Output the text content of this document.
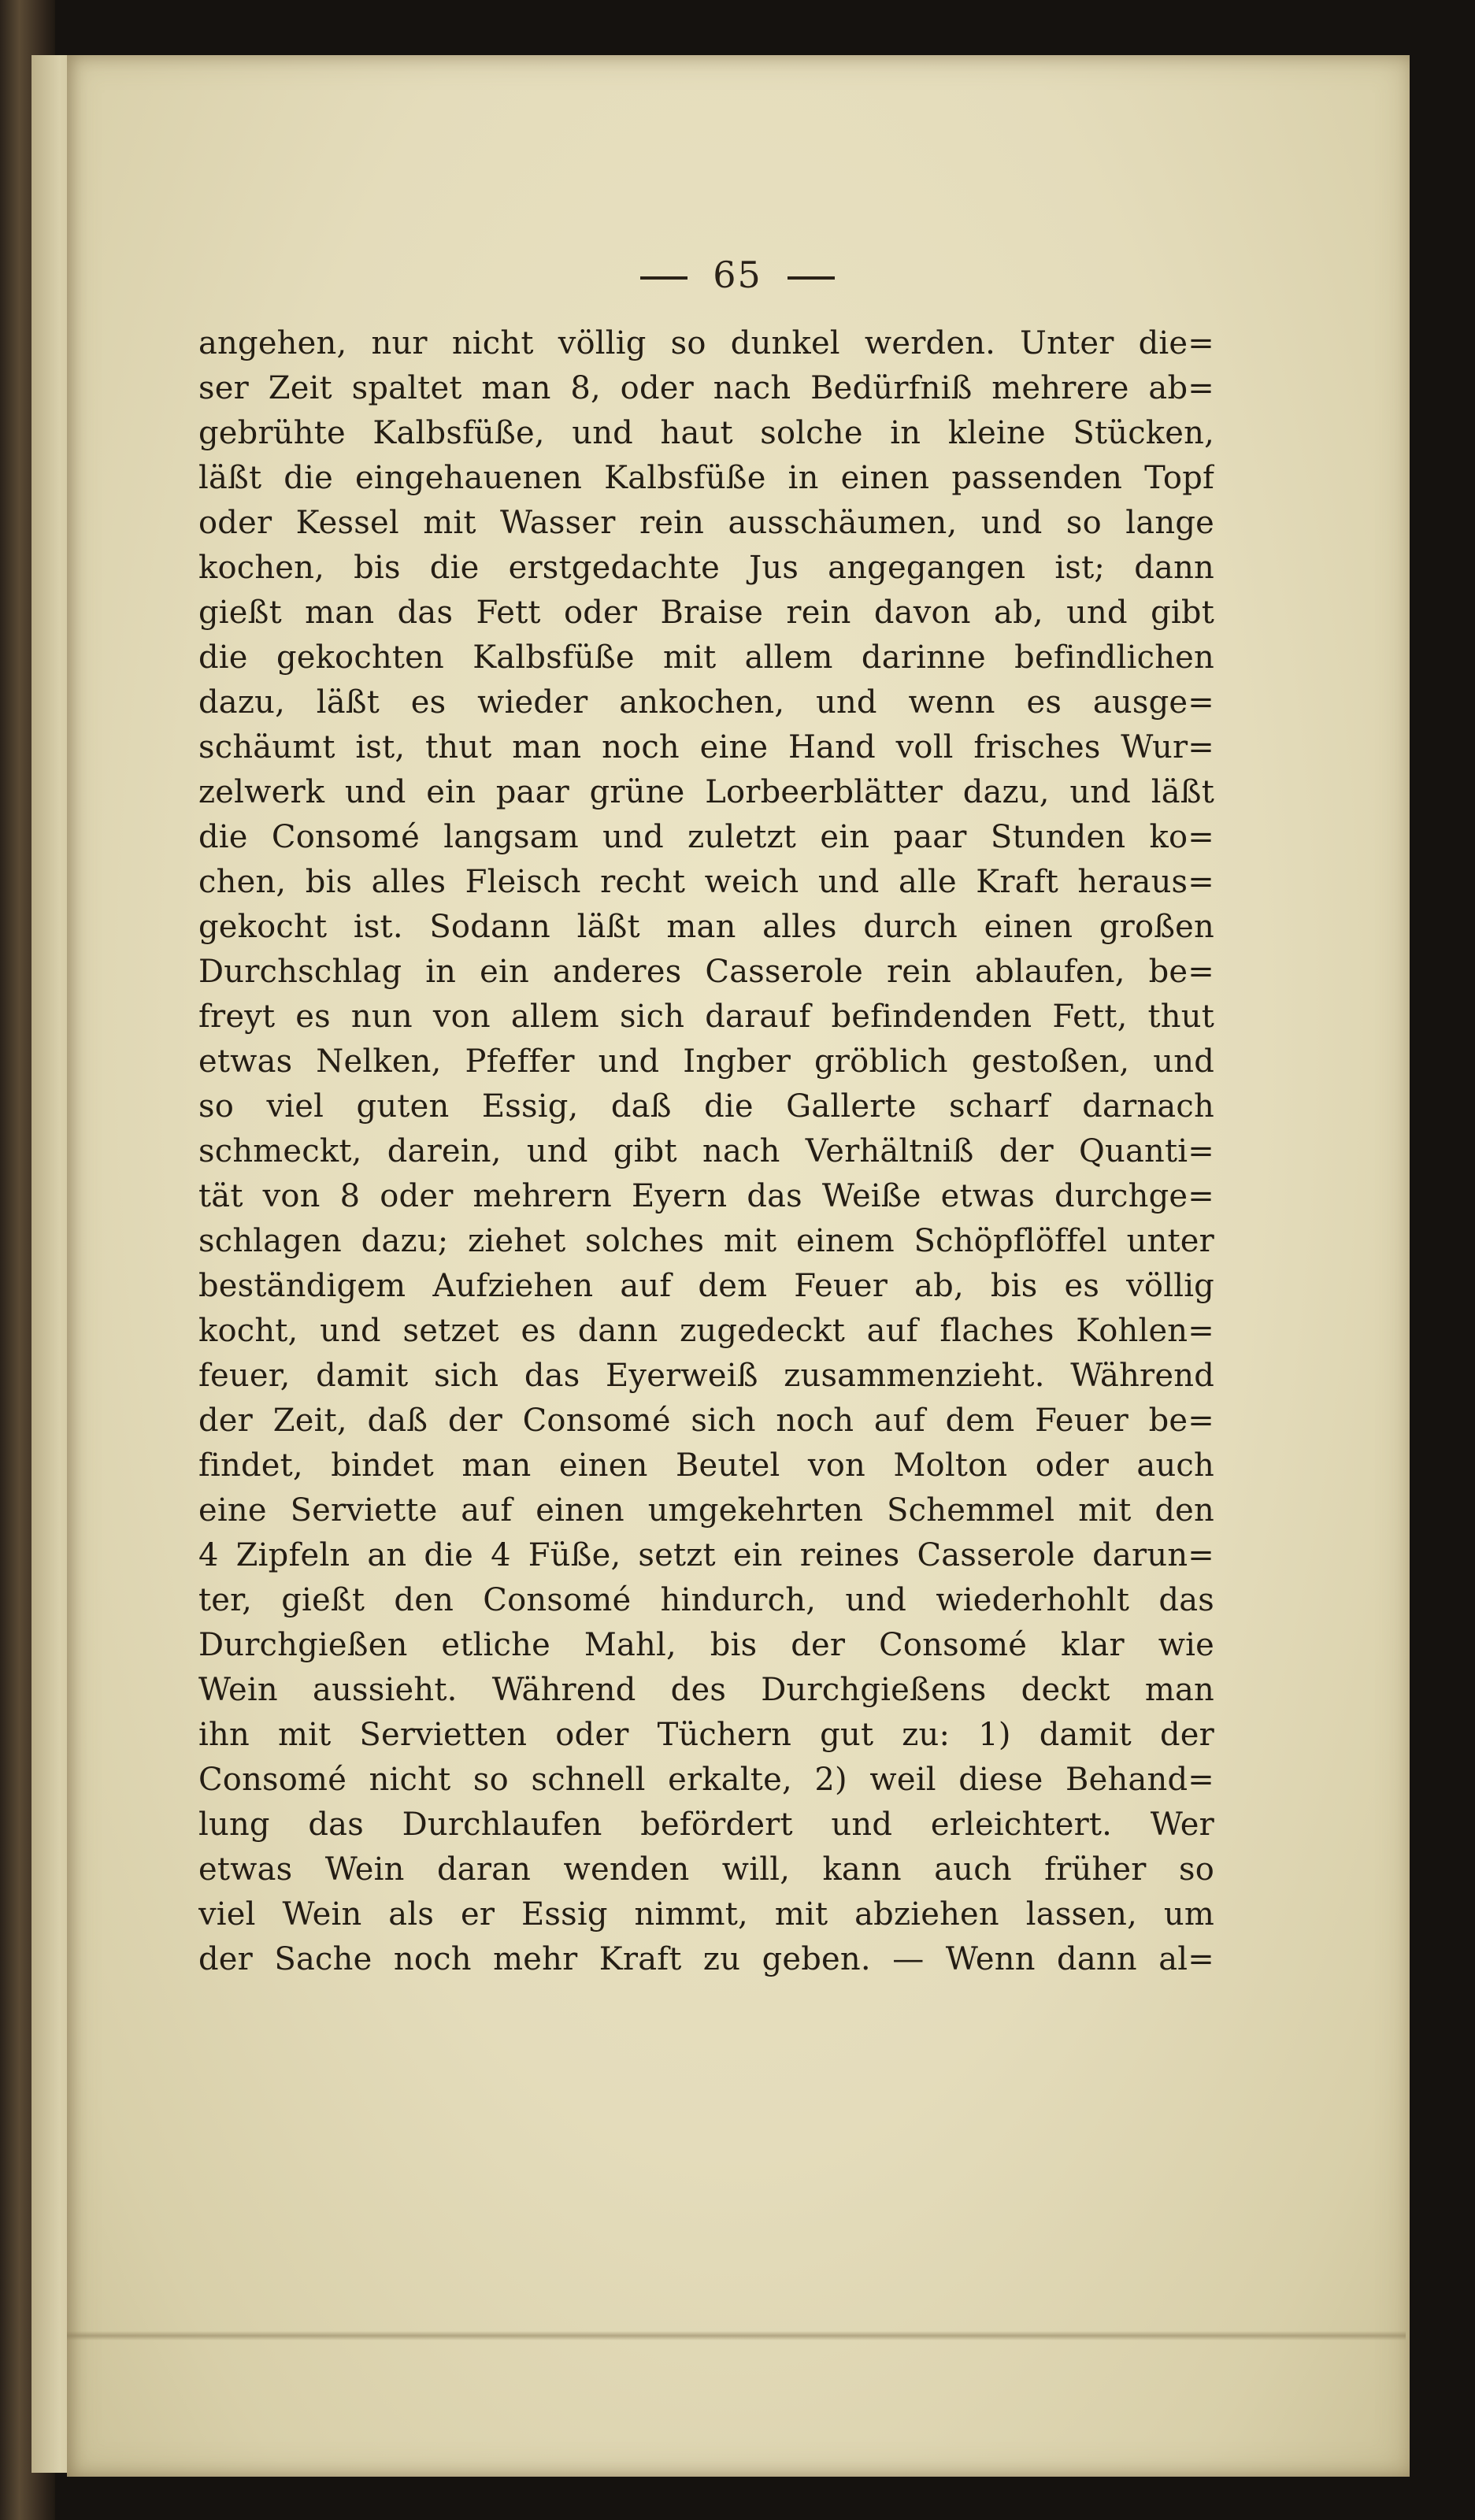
65
angehen, nur nicht völlig so dunkel werden. Unter die=
ser Zeit spaltet man 8, oder nach Bedürfniß mehrere ab=
gebrühte Kalbsfüße, und haut solche in kleine Stücken,
läßt die eingehauenen Kalbsfüße in einen passenden Topf
oder Kessel mit Wasser rein ausschäumen, und so lange
kochen, bis die erstgedachte Jus angegangen ist; dann
gießt man das Fett oder Braise rein davon ab, und gibt
die gekochten Kalbsfüße mit allem darinne befindlichen
dazu, läßt es wieder ankochen, und wenn es ausge=
schäumt ist, thut man noch eine Hand voll frisches Wur=
zelwerk und ein paar grüne Lorbeerblätter dazu, und läßt
die Consomé langsam und zuletzt ein paar Stunden ko=
chen, bis alles Fleisch recht weich und alle Kraft heraus=
gekocht ist. Sodann läßt man alles durch einen großen
Durchschlag in ein anderes Casserole rein ablaufen, be=
freyt es nun von allem sich darauf befindenden Fett, thut
etwas Nelken, Pfeffer und Ingber gröblich gestoßen, und
so viel guten Essig, daß die Gallerte scharf darnach
schmeckt, darein, und gibt nach Verhältniß der Quanti=
tät von 8 oder mehrern Eyern das Weiße etwas durchge=
schlagen dazu; ziehet solches mit einem Schöpflöffel unter
beständigem Aufziehen auf dem Feuer ab, bis es völlig
kocht, und setzet es dann zugedeckt auf flaches Kohlen=
feuer, damit sich das Eyerweiß zusammenzieht. Während
der Zeit, daß der Consomé sich noch auf dem Feuer be=
findet, bindet man einen Beutel von Molton oder auch
eine Serviette auf einen umgekehrten Schemmel mit den
4 Zipfeln an die 4 Füße, setzt ein reines Casserole darun=
ter, gießt den Consomé hindurch, und wiederhohlt das
Durchgießen etliche Mahl, bis der Consomé klar wie
Wein aussieht. Während des Durchgießens deckt man
ihn mit Servietten oder Tüchern gut zu: 1) damit der
Consomé nicht so schnell erkalte, 2) weil diese Behand=
lung das Durchlaufen befördert und erleichtert. Wer
etwas Wein daran wenden will, kann auch früher so
viel Wein als er Essig nimmt, mit abziehen lassen, um
der Sache noch mehr Kraft zu geben. — Wenn dann al=
